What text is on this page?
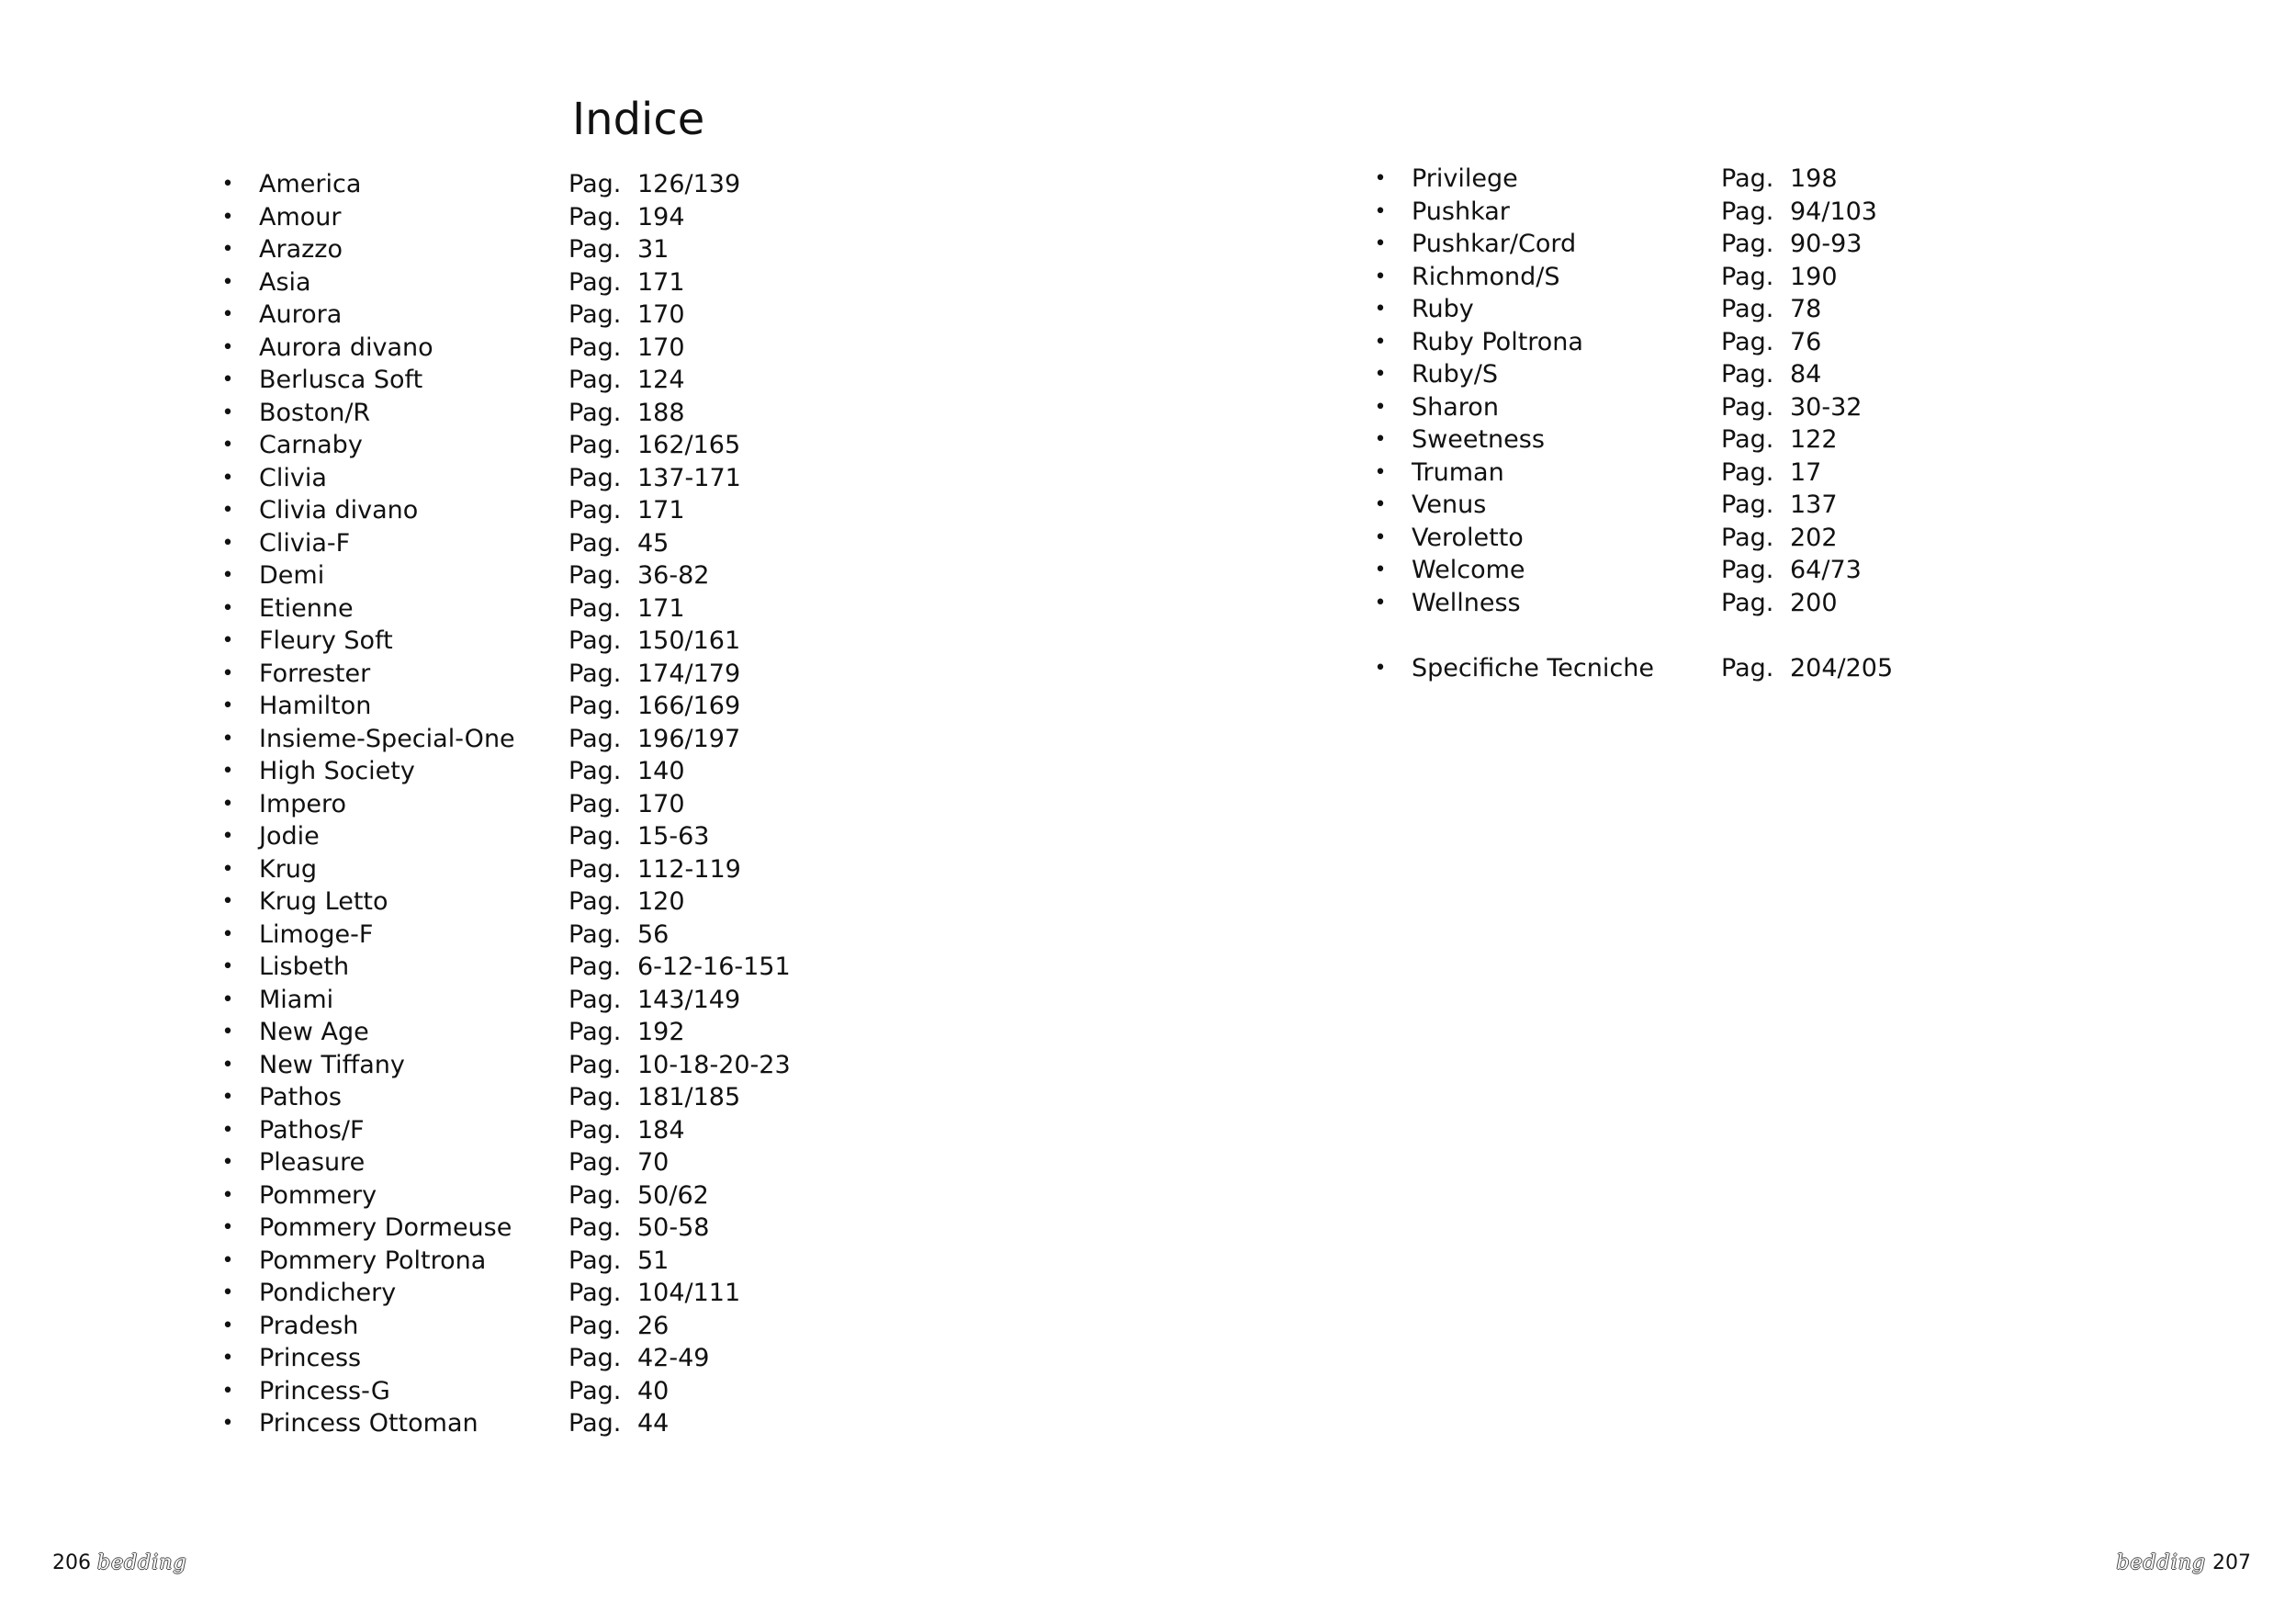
Indice
• America	Pag. 126/139
• Amour	Pag. 194
• Arazzo	Pag. 31
• Asia	Pag. 171
• Aurora	Pag. 170
• Aurora divano	Pag. 170
• Berlusca Soft	Pag. 124
• Boston/R	Pag. 188
• Carnaby	Pag. 162/165
• Clivia	Pag. 137-171
• Clivia divano	Pag. 171
• Clivia-F	Pag. 45
• Demi	Pag. 36-82
• Etienne	Pag. 171
• Fleury Soft	Pag. 150/161
• Forrester	Pag. 174/179
• Hamilton	Pag. 166/169
• Insieme-Special-One Pag. 196/197
• High Society	Pag. 140
• Impero	Pag. 170
• Jodie	Pag. 15-63
• Krug	Pag. 112-119
• Krug Letto	Pag. 120
• Limoge-F	Pag. 56
• Lisbeth	Pag. 6-12-16-151
• Miami	Pag. 143/149
• New Age	Pag. 192
• New Tiffany	Pag. 10-18-20-23
• Pathos	Pag. 181/185
• Pathos/F	Pag. 184
• Pleasure	Pag. 70
• Pommery	Pag. 50/62
• Pommery Dormeuse Pag. 50-58
• Pommery Poltrona	Pag. 51
• Pondichery	Pag. 104/111
• Pradesh	Pag. 26
• Princess	Pag. 42-49
• Princess-G	Pag. 40
• Princess Ottoman	Pag. 44
• Privilege	Pag. 198
• Pushkar	Pag. 94/103
• Pushkar/Cord	Pag. 90-93
• Richmond/S	Pag. 190
• Ruby	Pag. 78
• Ruby Poltrona	Pag. 76
• Ruby/S	Pag. 84
• Sharon	Pag. 30-32
• Sweetness	Pag. 122
• Truman	Pag. 17
• Venus	Pag. 137
• Veroletto	Pag. 202
• Welcome	Pag. 64/73
• Wellness	Pag. 200
• Specifiche Tecniche	Pag. 204/205
206 bedding	bedding 207
